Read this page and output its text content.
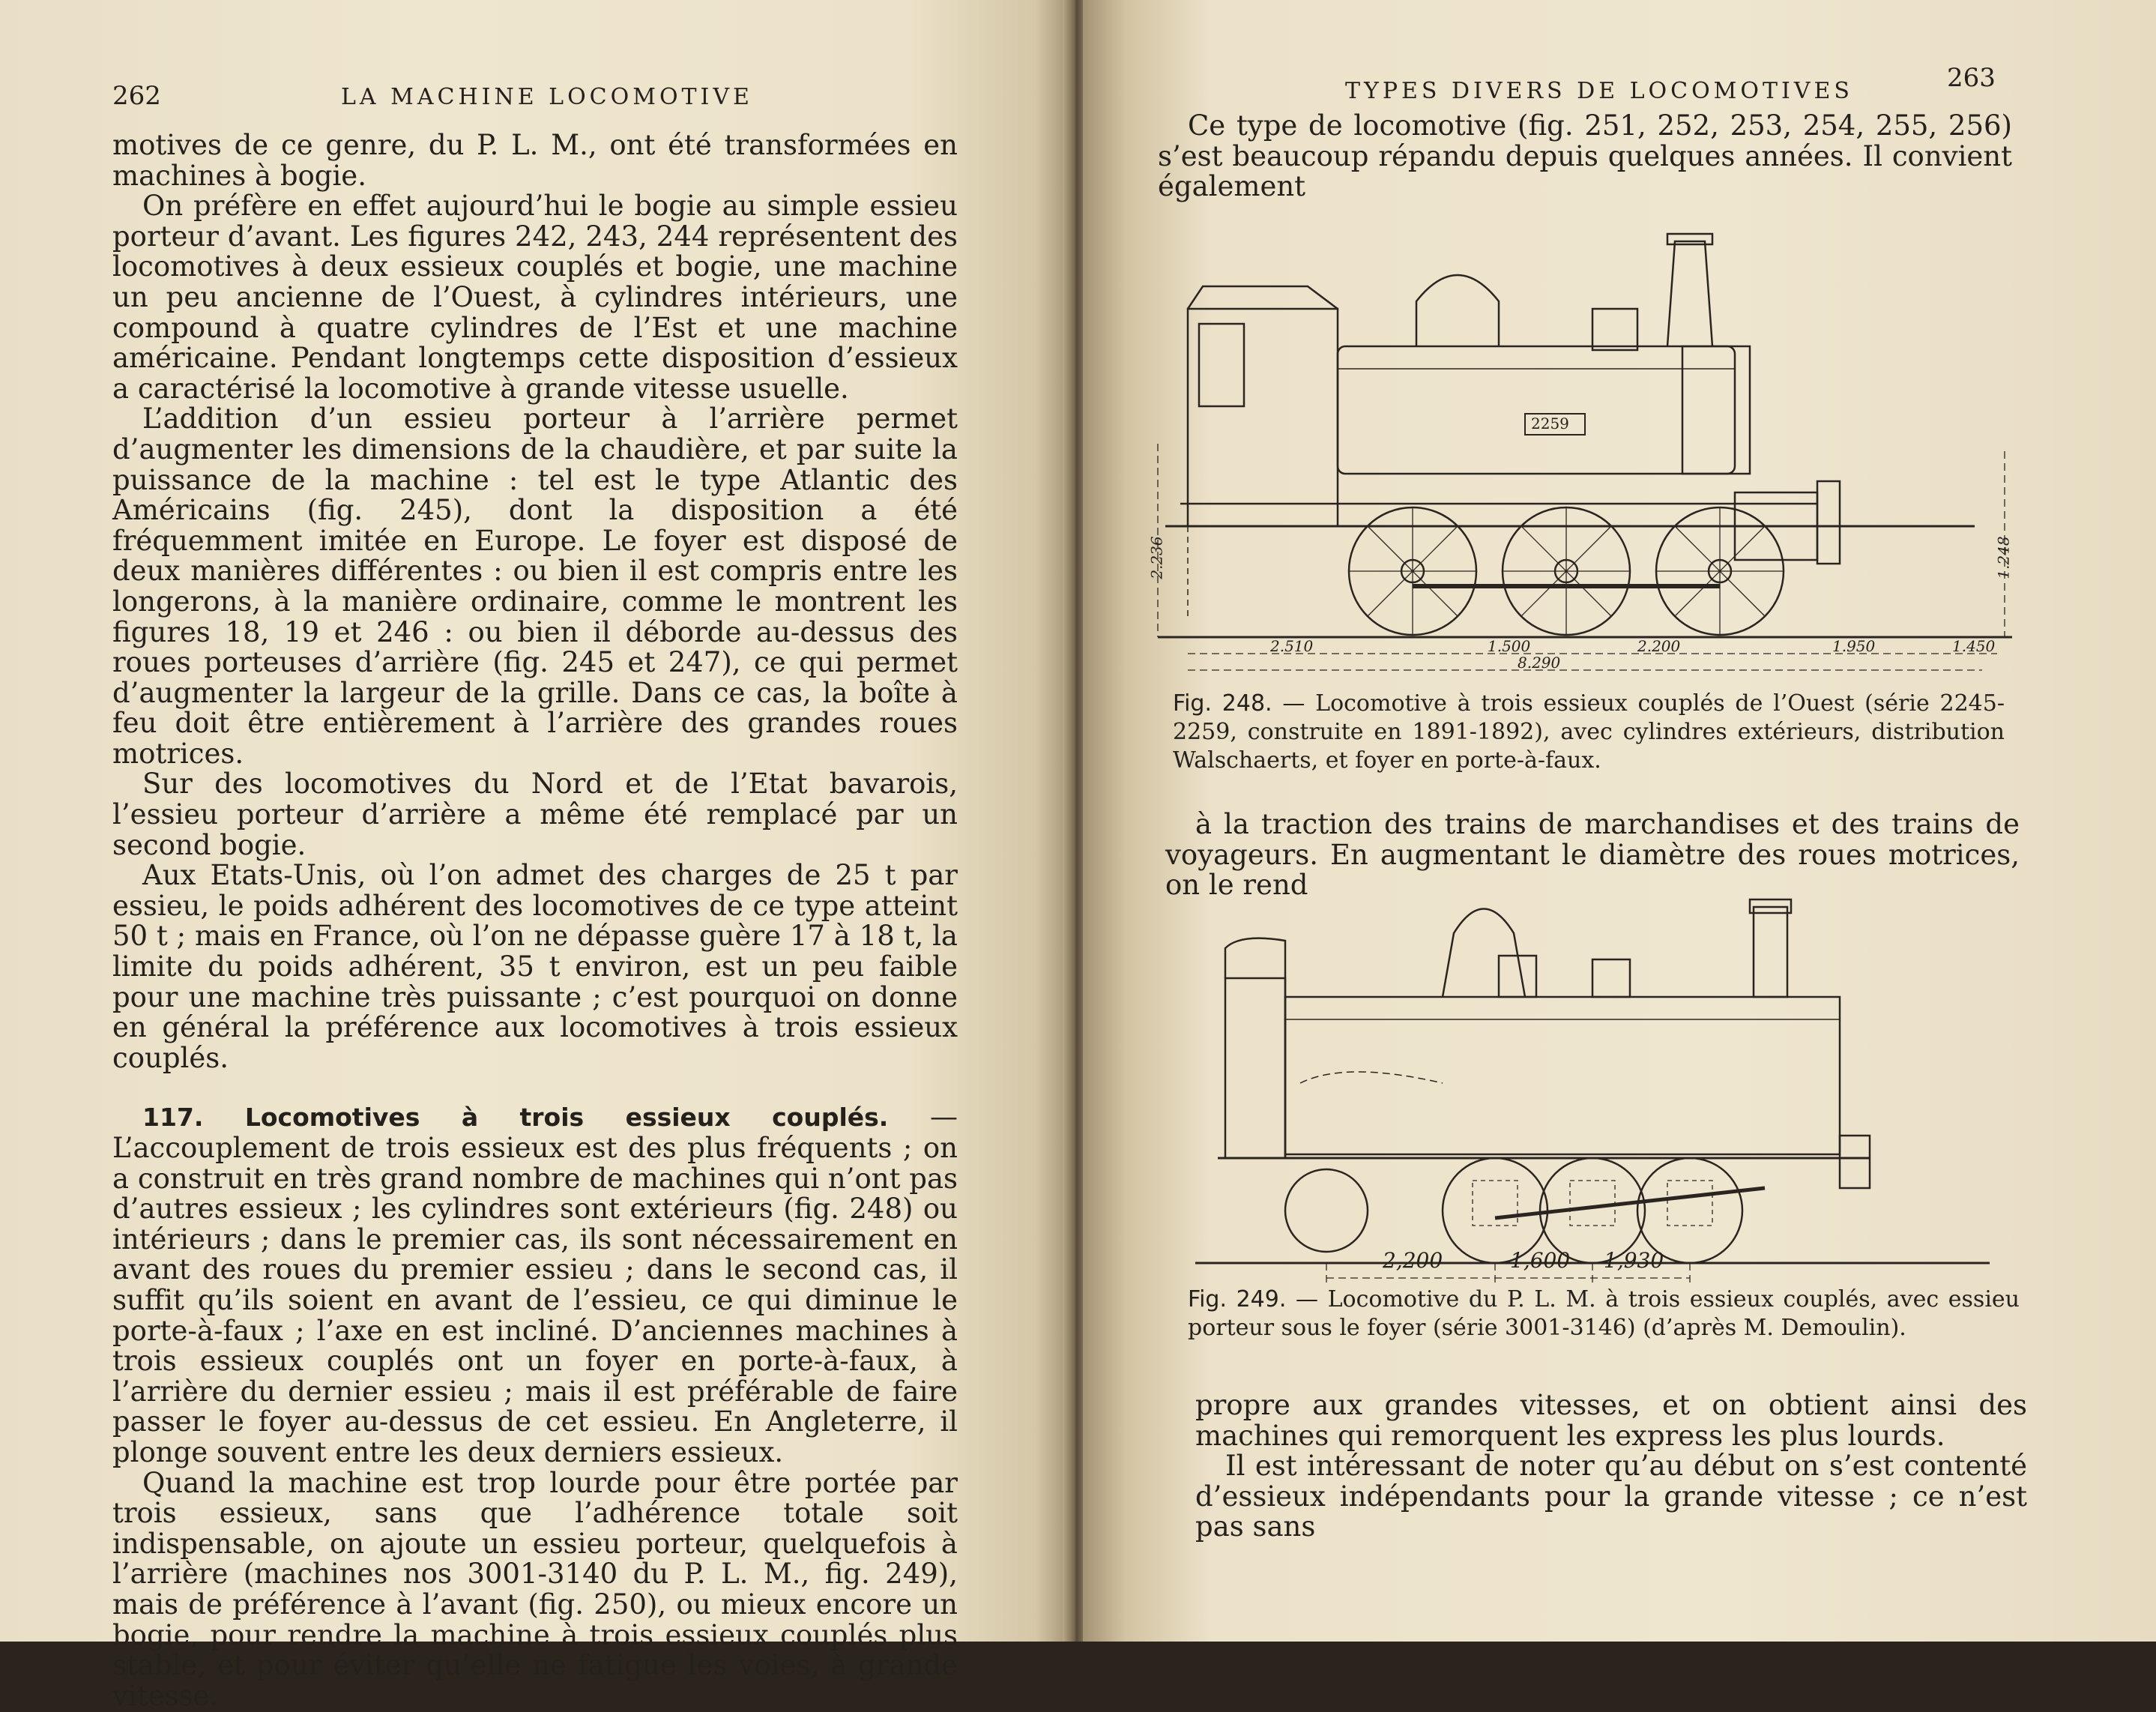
262	LA MACHINE LOCOMOTIVE

motives de ce genre, du P. L. M., ont été transformées en machines à bogie.

On préfère en effet aujourd’hui le bogie au simple essieu porteur d’avant. Les figures 242, 243, 244 représentent des locomotives à deux essieux couplés et bogie, une machine un peu ancienne de l’Ouest, à cylindres intérieurs, une compound à quatre cylindres de l’Est et une machine américaine. Pendant longtemps cette disposition d’essieux a caractérisé la locomotive à grande vitesse usuelle.

L’addition d’un essieu porteur à l’arrière permet d’augmenter les dimensions de la chaudière, et par suite la puissance de la machine : tel est le type Atlantic des Américains (fig. 245), dont la disposition a été fréquemment imitée en Europe. Le foyer est disposé de deux manières différentes : ou bien il est compris entre les longerons, à la manière ordinaire, comme le montrent les figures 18, 19 et 246 : ou bien il déborde au-dessus des roues porteuses d’arrière (fig. 245 et 247), ce qui permet d’augmenter la largeur de la grille. Dans ce cas, la boîte à feu doit être entièrement à l’arrière des grandes roues motrices.

Sur des locomotives du Nord et de l’Etat bavarois, l’essieu porteur d’arrière a même été remplacé par un second bogie.

Aux Etats-Unis, où l’on admet des charges de 25 t par essieu, le poids adhérent des locomotives de ce type atteint 50 t ; mais en France, où l’on ne dépasse guère 17 à 18 t, la limite du poids adhérent, 35 t environ, est un peu faible pour une machine très puissante ; c’est pourquoi on donne en général la préférence aux locomotives à trois essieux couplés.

117. Locomotives à trois essieux couplés. — L’accouplement de trois essieux est des plus fréquents ; on a construit en très grand nombre de machines qui n’ont pas d’autres essieux ; les cylindres sont extérieurs (fig. 248) ou intérieurs ; dans le premier cas, ils sont nécessairement en avant des roues du premier essieu ; dans le second cas, il suffit qu’ils soient en avant de l’essieu, ce qui diminue le porte-à-faux ; l’axe en est incliné. D’anciennes machines à trois essieux couplés ont un foyer en porte-à-faux, à l’arrière du dernier essieu ; mais il est préférable de faire passer le foyer au-dessus de cet essieu. En Angleterre, il plonge souvent entre les deux derniers essieux.

Quand la machine est trop lourde pour être portée par trois essieux, sans que l’adhérence totale soit indispensable, on ajoute un essieu porteur, quelquefois à l’arrière (machines nos 3001-3140 du P. L. M., fig. 249), mais de préférence à l’avant (fig. 250), ou mieux encore un bogie, pour rendre la machine à trois essieux couplés plus stable, et pour éviter qu’elle ne fatigue les voies, à grande vitesse.

TYPES DIVERS DE LOCOMOTIVES	263

Ce type de locomotive (fig. 251, 252, 253, 254, 255, 256) s’est beaucoup répandu depuis quelques années. Il convient également

2259
2.510	1.500	2.200	1.950	1.450
8.290
2.236	1.248
Fig. 248. — Locomotive à trois essieux couplés de l’Ouest (série 2245-2259, construite en 1891-1892), avec cylindres extérieurs, distribution Walschaerts, et foyer en porte-à-faux.

à la traction des trains de marchandises et des trains de voyageurs. En augmentant le diamètre des roues motrices, on le rend

2,200	1,600 1,930
Fig. 249. — Locomotive du P. L. M. à trois essieux couplés, avec essieu porteur sous le foyer (série 3001-3146) (d’après M. Demoulin).

propre aux grandes vitesses, et on obtient ainsi des machines qui remorquent les express les plus lourds.

Il est intéressant de noter qu’au début on s’est contenté d’essieux indépendants pour la grande vitesse ; ce n’est pas sans
